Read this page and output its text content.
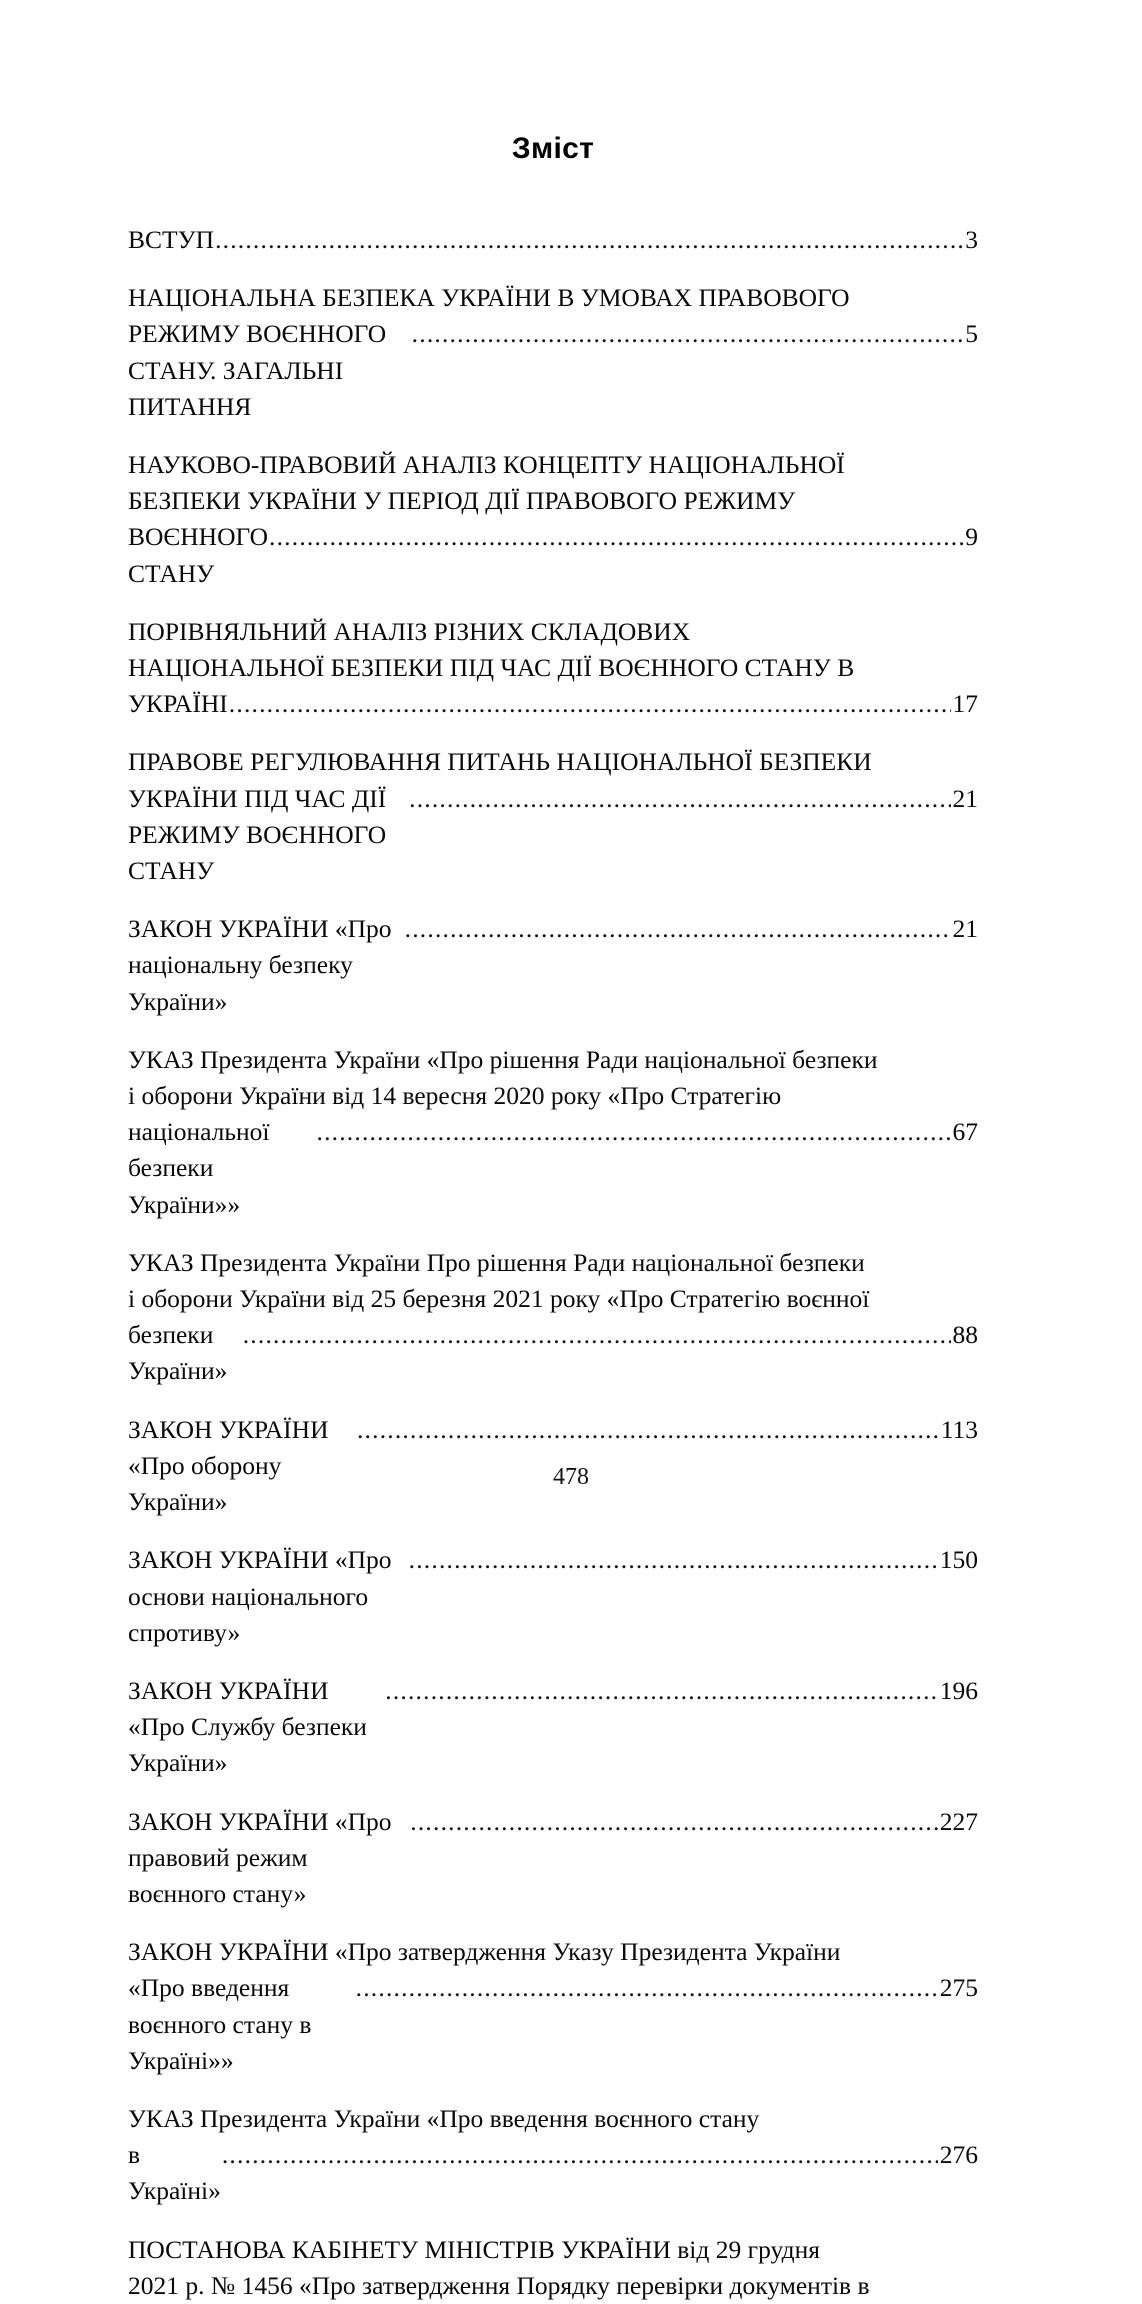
Зміст
ВСТУП .....	3
НАЦІОНАЛЬНА БЕЗПЕКА УКРАЇНИ В УМОВАХ ПРАВОВОГО
РЕЖИМУ ВОЄННОГО СТАНУ. ЗАГАЛЬНІ ПИТАННЯ
.....
5
НАУКОВО-ПРАВОВИЙ АНАЛІЗ КОНЦЕПТУ НАЦІОНАЛЬНОЇ
БЕЗПЕКИ УКРАЇНИ У ПЕРІОД ДІЇ ПРАВОВОГО РЕЖИМУ
ВОЄННОГО СТАНУ
.....
9
ПОРІВНЯЛЬНИЙ АНАЛІЗ РІЗНИХ СКЛАДОВИХ
НАЦІОНАЛЬНОЇ БЕЗПЕКИ ПІД ЧАС ДІЇ ВОЄННОГО СТАНУ В
УКРАЇНІ .....	17
ПРАВОВЕ РЕГУЛЮВАННЯ ПИТАНЬ НАЦІОНАЛЬНОЇ БЕЗПЕКИ
УКРАЇНИ ПІД ЧАС ДІЇ РЕЖИМУ ВОЄННОГО СТАНУ
.....
21
ЗАКОН УКРАЇНИ «Про національну безпеку України»
.....
21
УКАЗ Президента України «Про рішення Ради національної безпеки
і оборони України від 14 вересня 2020 року «Про Стратегію
національної безпеки України»»
.....
67
УКАЗ Президента України Про рішення Ради національної безпеки
і оборони України від 25 березня 2021 року «Про Стратегію воєнної
безпеки України»
.....
88
ЗАКОН УКРАЇНИ «Про оборону України»
.....
113
ЗАКОН УКРАЇНИ «Про основи національного спротиву»
.....
150
ЗАКОН УКРАЇНИ «Про Службу безпеки України»
.....
196
ЗАКОН УКРАЇНИ «Про правовий режим воєнного стану»
.....
227
ЗАКОН УКРАЇНИ «Про затвердження Указу Президента України
«Про введення воєнного стану в Україні»»
.....
275
УКАЗ Президента України «Про введення воєнного стану
в Україні»
.....
276
ПОСТАНОВА КАБІНЕТУ МІНІСТРІВ УКРАЇНИ від 29 грудня
2021 р. № 1456 «Про затвердження Порядку перевірки документів в
478
